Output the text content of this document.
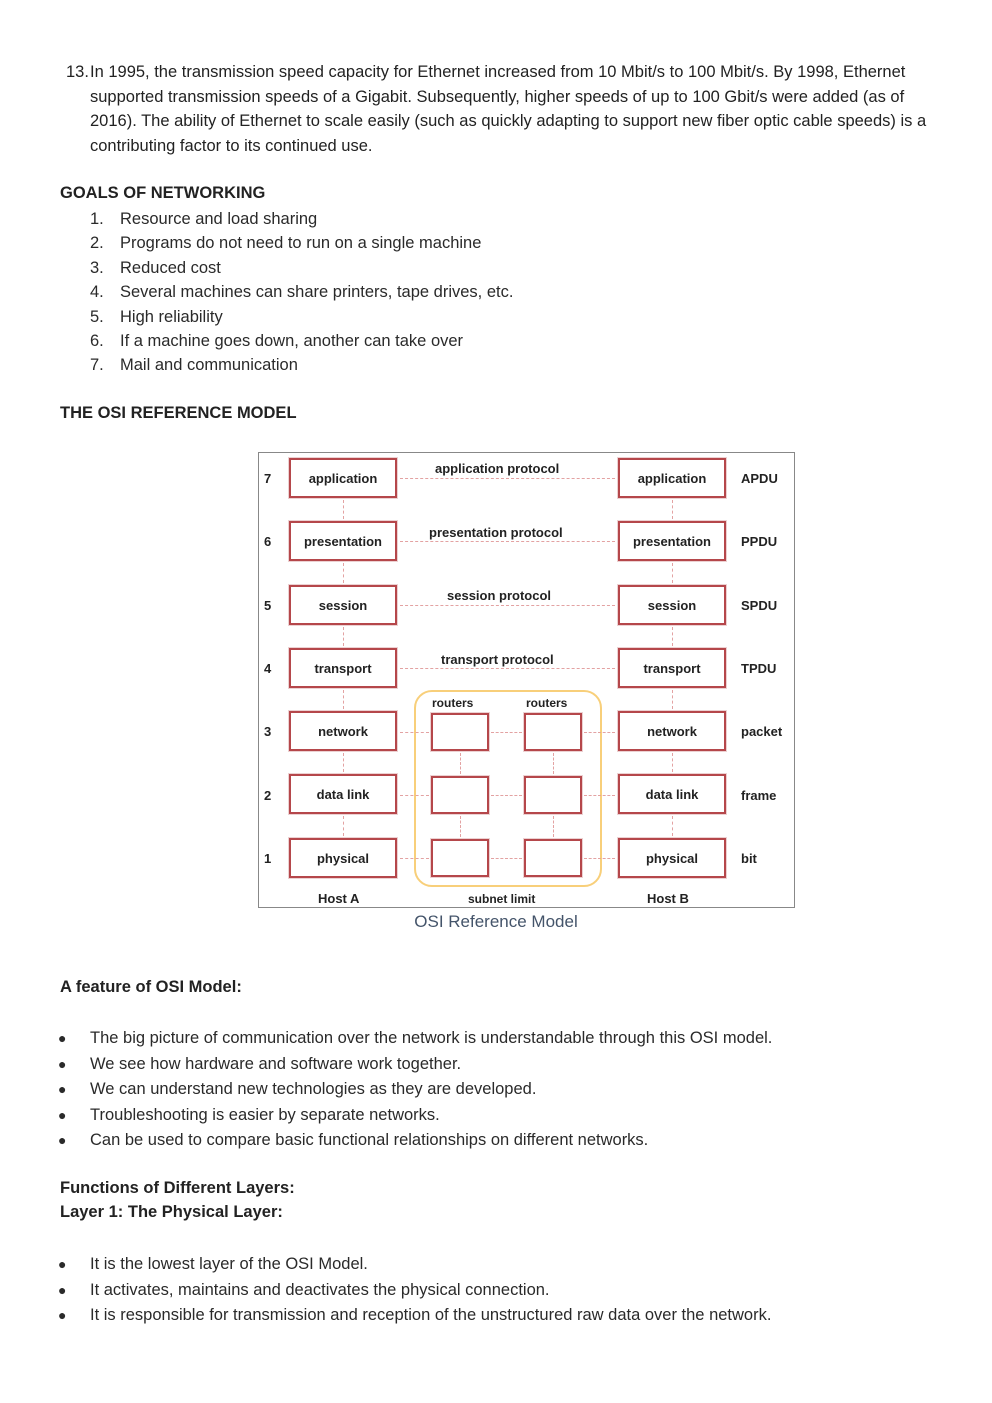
13. In 1995, the transmission speed capacity for Ethernet increased from 10 Mbit/s to 100 Mbit/s. By 1998, Ethernet supported transmission speeds of a Gigabit. Subsequently, higher speeds of up to 100 Gbit/s were added (as of 2016). The ability of Ethernet to scale easily (such as quickly adapting to support new fiber optic cable speeds) is a contributing factor to its continued use.
GOALS OF NETWORKING
1. Resource and load sharing
2. Programs do not need to run on a single machine
3. Reduced cost
4. Several machines can share printers, tape drives, etc.
5. High reliability
6. If a machine goes down, another can take over
7. Mail and communication
THE OSI REFERENCE MODEL
7
6
5
4
3
2
1
application
presentation
session
transport
network
data link
physical
application
presentation
session
transport
network
data link
physical
routers	routers
application protocol
presentation protocol
session protocol
transport protocol
APDU
PPDU
SPDU
TPDU
packet
frame
bit
Host A	subnet limit	Host B
OSI Reference Model
A feature of OSI Model:
● The big picture of communication over the network is understandable through this OSI model.
● We see how hardware and software work together.
● We can understand new technologies as they are developed.
● Troubleshooting is easier by separate networks.
● Can be used to compare basic functional relationships on different networks.
Functions of Different Layers:
Layer 1: The Physical Layer:
● It is the lowest layer of the OSI Model.
● It activates, maintains and deactivates the physical connection.
● It is responsible for transmission and reception of the unstructured raw data over the network.
